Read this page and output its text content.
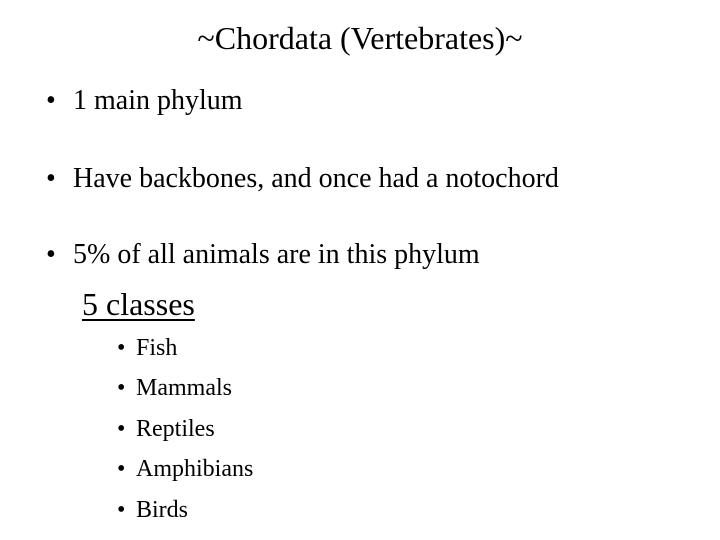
~Chordata (Vertebrates)~
• 1 main phylum
• Have backbones, and once had a notochord
• 5% of all animals are in this phylum
5 classes
• Fish
• Mammals
• Reptiles
• Amphibians
• Birds
